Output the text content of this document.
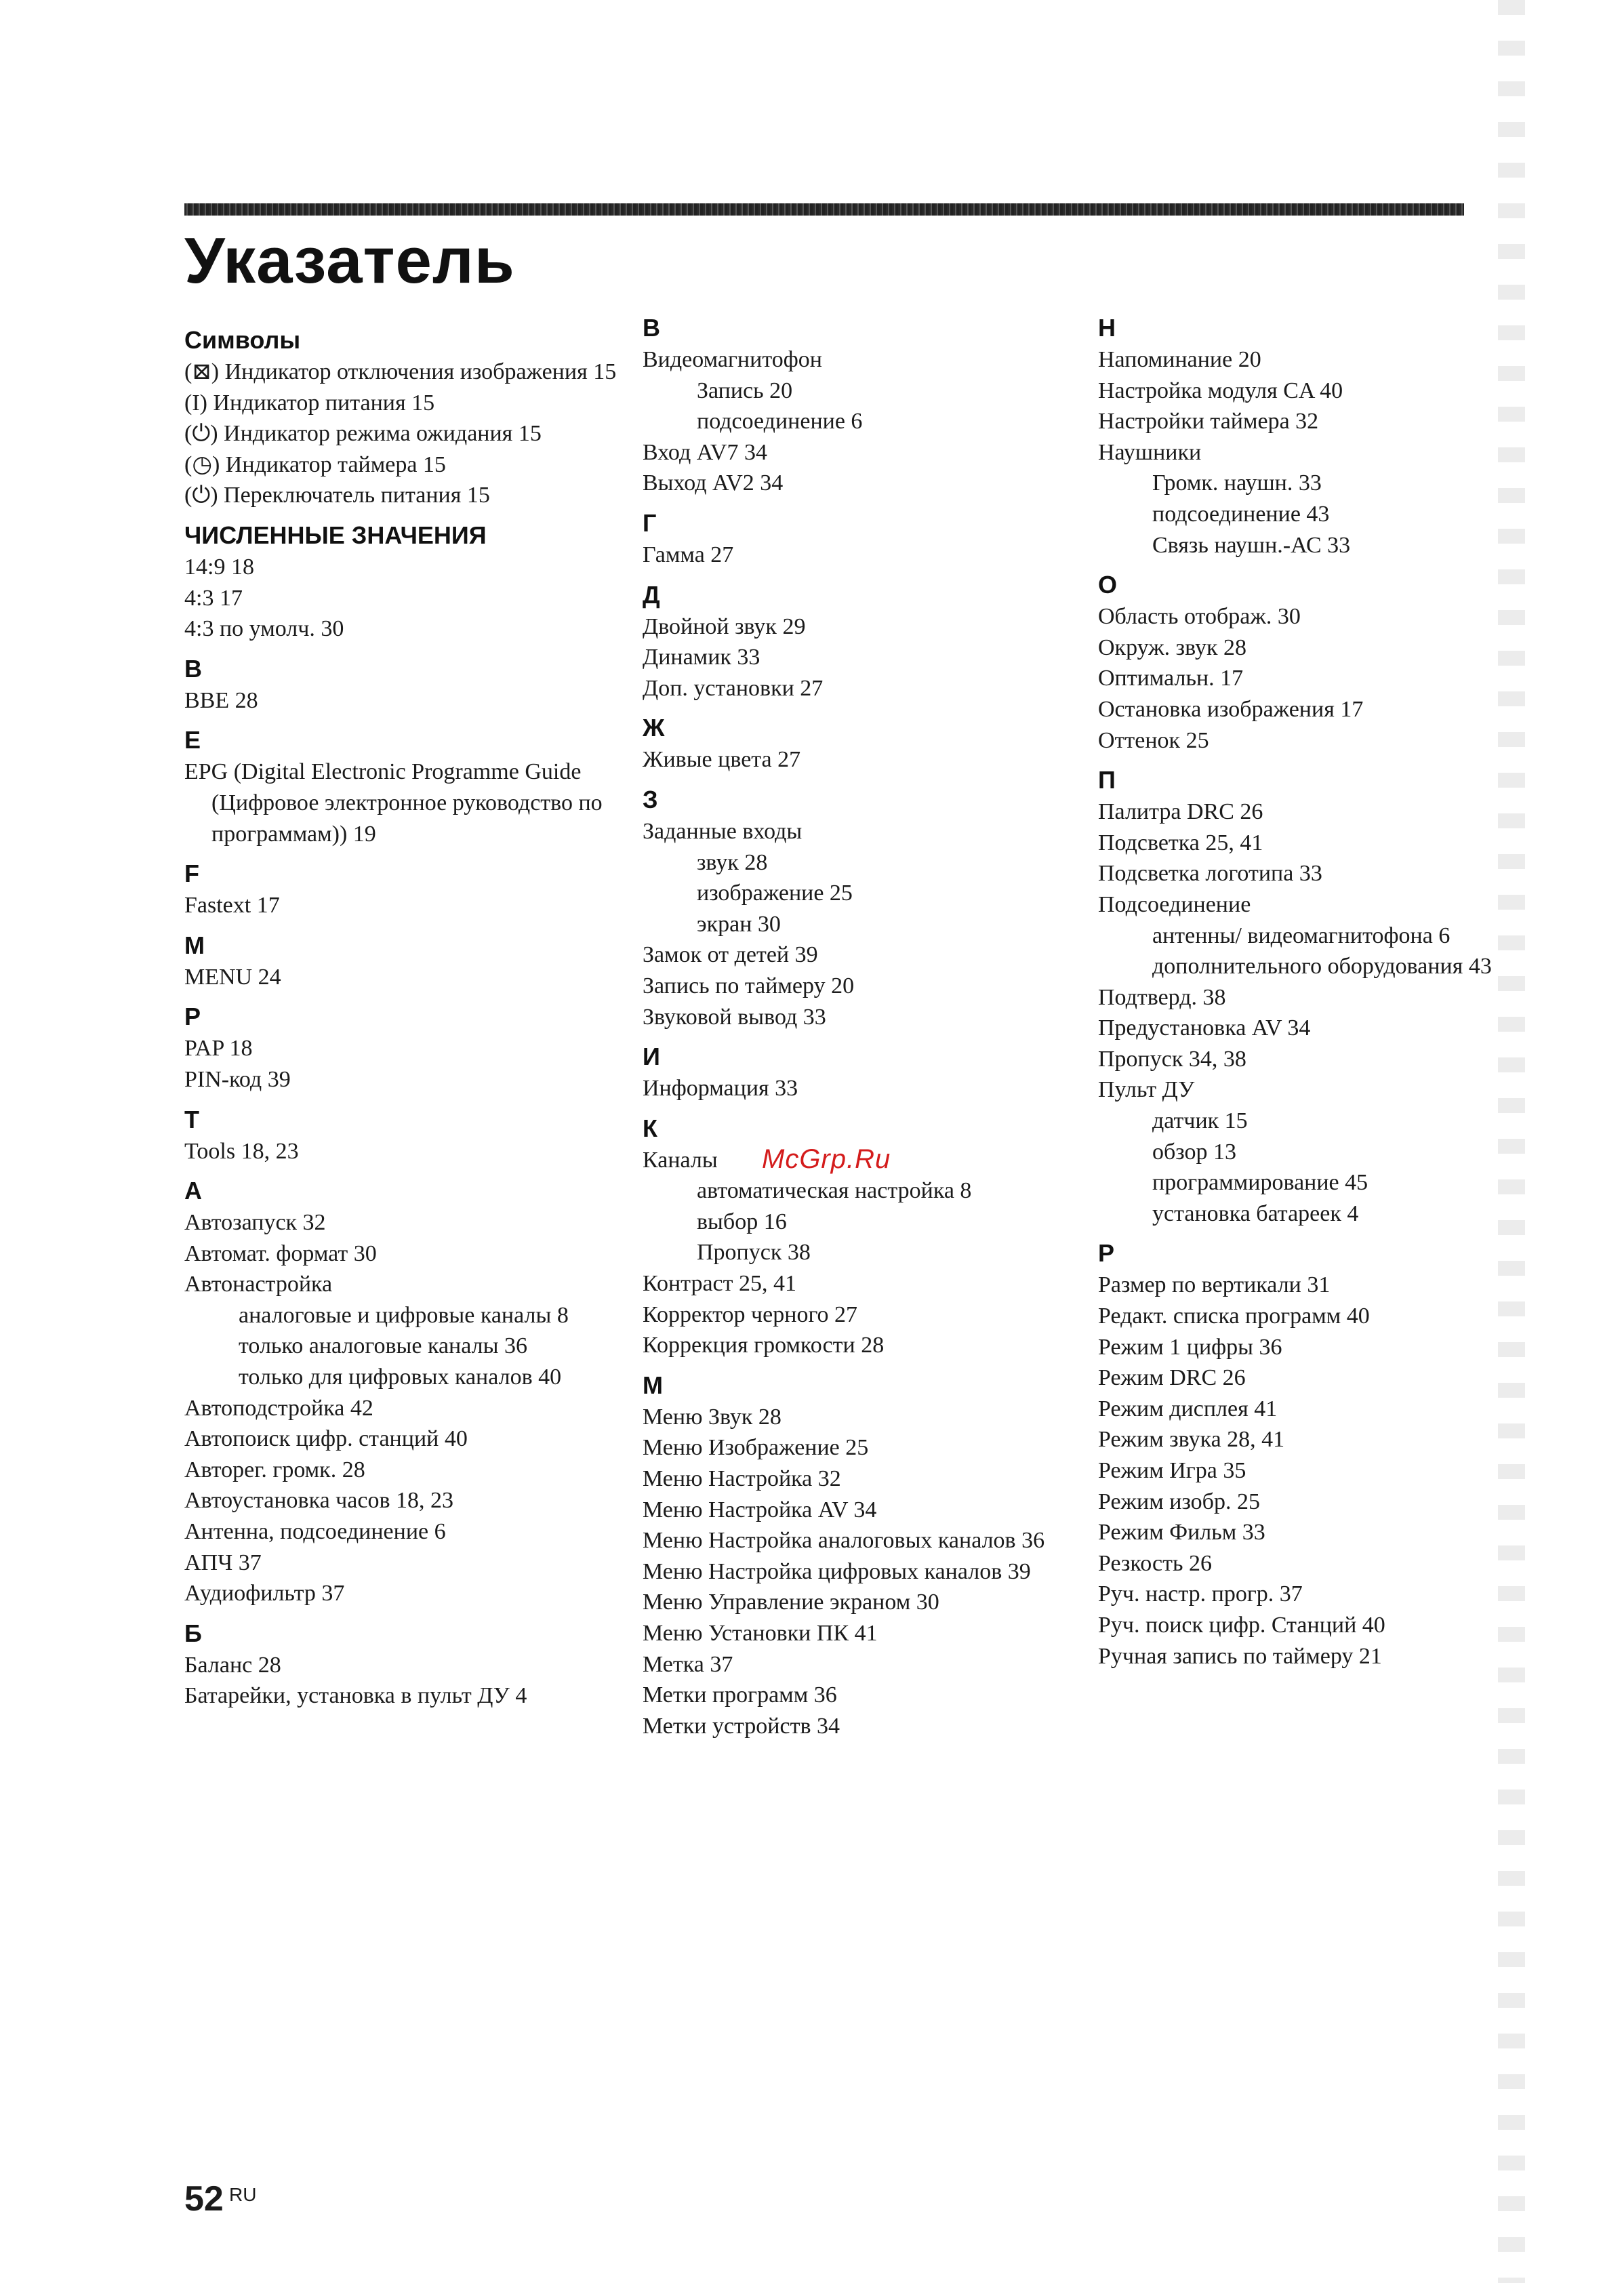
Указатель
Символы
(⊠) Индикатор отключения изображения 15
(I) Индикатор питания 15
(⏻) Индикатор режима ожидания 15
(◷) Индикатор таймера 15
(⏻) Переключатель питания 15
ЧИСЛЕННЫЕ ЗНАЧЕНИЯ
14:9 18
4:3 17
4:3 по умолч. 30
B
BBE 28
E
EPG (Digital Electronic Programme Guide (Цифровое электронное руководство по программам)) 19
F
Fastext 17
M
MENU 24
P
PAP 18
PIN-код 39
T
Tools 18, 23
А
Автозапуск 32
Автомат. формат 30
Автонастройка
аналоговые и цифровые каналы 8
только аналоговые каналы 36
только для цифровых каналов 40
Автоподстройка 42
Автопоиск цифр. станций 40
Авторег. громк. 28
Автоустановка часов 18, 23
Антенна, подсоединение 6
АПЧ 37
Аудиофильтр 37
Б
Баланс 28
Батарейки, установка в пульт ДУ 4
В
Видеомагнитофон
Запись 20
подсоединение 6
Вход AV7 34
Выход AV2 34
Г
Гамма 27
Д
Двойной звук 29
Динамик 33
Доп. установки 27
Ж
Живые цвета 27
З
Заданные входы
звук 28
изображение 25
экран 30
Замок от детей 39
Запись по таймеру 20
Звуковой вывод 33
И
Информация 33
К
Каналы
автоматическая настройка 8
выбор 16
Пропуск 38
Контраст 25, 41
Корректор черного 27
Коррекция громкости 28
М
Меню Звук 28
Меню Изображение 25
Меню Настройка 32
Меню Настройка AV 34
Меню Настройка аналоговых каналов 36
Меню Настройка цифровых каналов 39
Меню Управление экраном 30
Меню Установки ПК 41
Метка 37
Метки программ 36
Метки устройств 34
Н
Напоминание 20
Настройка модуля CA 40
Настройки таймера 32
Наушники
Громк. наушн. 33
подсоединение 43
Связь наушн.-АС 33
О
Область отображ. 30
Окруж. звук 28
Оптимальн. 17
Остановка изображения 17
Оттенок 25
П
Палитра DRC 26
Подсветка 25, 41
Подсветка логотипа 33
Подсоединение
антенны/ видеомагнитофона 6
дополнительного оборудования 43
Подтверд. 38
Предустановка AV 34
Пропуск 34, 38
Пульт ДУ
датчик 15
обзор 13
программирование 45
установка батареек 4
Р
Размер по вертикали 31
Редакт. списка программ 40
Режим 1 цифры 36
Режим DRC 26
Режим дисплея 41
Режим звука 28, 41
Режим Игра 35
Режим изобр. 25
Режим Фильм 33
Резкость 26
Руч. настр. прогр. 37
Руч. поиск цифр. Станций 40
Ручная запись по таймеру 21
McGrp.Ru
52 RU
